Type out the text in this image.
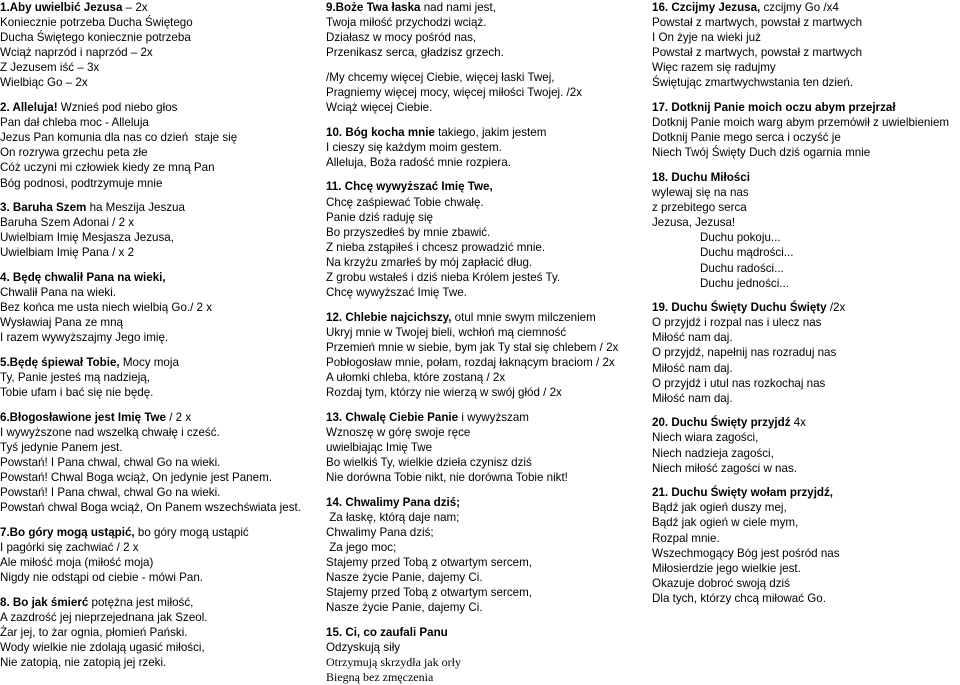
1.Aby uwielbić Jezusa – 2x
Koniecznie potrzeba Ducha Świętego
Ducha Świętego koniecznie potrzeba
Wciąż naprzód i naprzód – 2x
Z Jezusem iść – 3x
Wielbiąc Go – 2x
2. Alleluja! Wznieś pod niebo głos
Pan dał chleba moc - Alleluja
Jezus Pan komunia dla nas co dzień  staje się
On rozrywa grzechu peta złe
Cóż uczyni mi człowiek kiedy ze mną Pan
Bóg podnosi, podtrzymuje mnie
3. Baruha Szem ha Meszija Jeszua
Baruha Szem Adonai / 2 x
Uwielbiam Imię Mesjasza Jezusa,
Uwielbiam Imię Pana / x 2
4. Będę chwalił Pana na wieki,
Chwalił Pana na wieki.
Bez końca me usta niech wielbią Go./ 2 x
Wysławiaj Pana ze mną
I razem wywyższajmy Jego imię.
5.Będę śpiewał Tobie, Mocy moja
Ty, Panie jesteś mą nadzieją,
Tobie ufam i bać się nie będę.
6.Błogosławione jest Imię Twe / 2 x
I wywyższone nad wszelką chwałę i cześć.
Tyś jedynie Panem jest.
Powstań! I Pana chwal, chwal Go na wieki.
Powstań! Chwal Boga wciąż, On jedynie jest Panem.
Powstań! I Pana chwal, chwal Go na wieki.
Powstań chwal Boga wciąż, On Panem wszechświata jest.
7.Bo góry mogą ustąpić, bo góry mogą ustąpić
I pagórki się zachwiać / 2 x
Ale miłość moja (miłość moja)
Nigdy nie odstąpi od ciebie - mówi Pan.
8. Bo jak śmierć potężna jest miłość,
A zazdrość jej nieprzejednana jak Szeol.
Żar jej, to żar ognia, płomień Pański.
Wody wielkie nie zdolają ugasić miłości,
Nie zatopią, nie zatopią jej rzeki.
9.Boże Twa łaska nad nami jest,
Twoja miłość przychodzi wciąż.
Działasz w mocy pośród nas,
Przenikasz serca, gładzisz grzech.
/My chcemy więcej Ciebie, więcej łaski Twej,
Pragniemy więcej mocy, więcej miłości Twojej. /2x
Wciąż więcej Ciebie.
10. Bóg kocha mnie takiego, jakim jestem
I cieszy się każdym moim gestem.
Alleluja, Boża radość mnie rozpiera.
11. Chcę wywyższać Imię Twe,
Chcę zaśpiewać Tobie chwałę.
Panie dziś raduję się
Bo przyszedłeś by mnie zbawić.
Z nieba zstąpiłeś i chcesz prowadzić mnie.
Na krzyżu zmarłeś by mój zapłacić dług.
Z grobu wstałeś i dziś nieba Królem jesteś Ty.
Chcę wywyższać Imię Twe.
12. Chlebie najcichszy, otul mnie swym milczeniem
Ukryj mnie w Twojej bieli, wchłoń mą ciemność
Przemień mnie w siebie, bym jak Ty stał się chlebem / 2x
Pobłogosław mnie, połam, rozdaj łaknącym braciom / 2x
A ułomki chleba, które zostaną / 2x
Rozdaj tym, którzy nie wierzą w swój głód / 2x
13. Chwalę Ciebie Panie i wywyższam
Wznoszę w górę swoje ręce
uwielbiając Imię Twe
Bo wielkiś Ty, wielkie dzieła czynisz dziś
Nie dorówna Tobie nikt, nie dorówna Tobie nikt!
14. Chwalimy Pana dziś;
Za łaskę, którą daje nam;
Chwalimy Pana dziś;
Za jego moc;
Stajemy przed Tobą z otwartym sercem,
Nasze życie Panie, dajemy Ci.
Stajemy przed Tobą z otwartym sercem,
Nasze życie Panie, dajemy Ci.
15. Ci, co zaufali Panu
Odzyskują siły
Otrzymują skrzydła jak orły
Biegną bez zmęczenia
16. Czcijmy Jezusa, czcijmy Go /x4
Powstał z martwych, powstał z martwych
I On żyje na wieki już
Powstał z martwych, powstał z martwych
Więc razem się radujmy
Świętując zmartwychwstania ten dzień.
17. Dotknij Panie moich oczu abym przejrzał
Dotknij Panie moich warg abym przemówił z uwielbieniem
Dotknij Panie mego serca i oczyść je
Niech Twój Święty Duch dziś ogarnia mnie
18. Duchu Miłości
wylewaj się na nas
z przebitego serca
Jezusa, Jezusa!
Duchu pokoju...
Duchu mądrości...
Duchu radości...
Duchu jedności...
19. Duchu Święty Duchu Święty /2x
O przyjdź i rozpal nas i ulecz nas
Miłość nam daj.
O przyjdź, napełnij nas rozraduj nas
Miłość nam daj.
O przyjdź i utul nas rozkochaj nas
Miłość nam daj.
20. Duchu Święty przyjdź 4x
Niech wiara zagości,
Niech nadzieja zagości,
Niech miłość zagości w nas.
21. Duchu Święty wołam przyjdź,
Bądź jak ogień duszy mej,
Bądź jak ogień w ciele mym,
Rozpal mnie.
Wszechmogący Bóg jest pośród nas
Miłosierdzie jego wielkie jest.
Okazuje dobroć swoją dziś
Dla tych, którzy chcą miłować Go.
